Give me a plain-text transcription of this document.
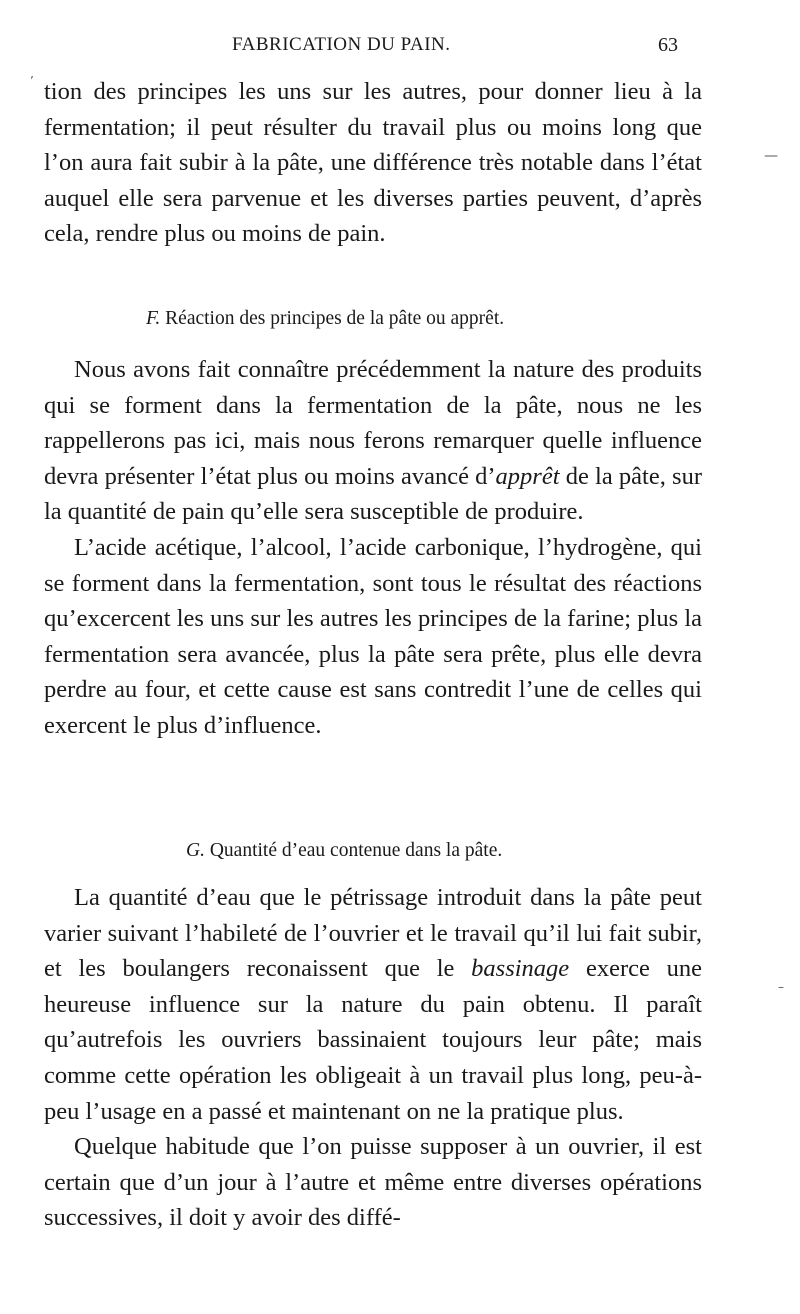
FABRICATION DU PAIN.	63

tion des principes les uns sur les autres, pour donner lieu à la fermentation; il peut résulter du travail plus ou moins long que l’on aura fait subir à la pâte, une différence très notable dans l’état auquel elle sera parvenue et les diverses parties peuvent, d’après cela, rendre plus ou moins de pain.

F. Réaction des principes de la pâte ou apprêt.

Nous avons fait connaître précédemment la nature des produits qui se forment dans la fermentation de la pâte, nous ne les rappellerons pas ici, mais nous ferons remarquer quelle influence devra présenter l’état plus ou moins avancé d’apprêt de la pâte, sur la quantité de pain qu’elle sera susceptible de produire.

L’acide acétique, l’alcool, l’acide carbonique, l’hydrogène, qui se forment dans la fermentation, sont tous le résultat des réactions qu’excercent les uns sur les autres les principes de la farine; plus la fermentation sera avancée, plus la pâte sera prête, plus elle devra perdre au four, et cette cause est sans contredit l’une de celles qui exercent le plus d’influence.

G. Quantité d’eau contenue dans la pâte.

La quantité d’eau que le pétrissage introduit dans la pâte peut varier suivant l’habileté de l’ouvrier et le travail qu’il lui fait subir, et les boulangers reconaissent que le bassinage exerce une heureuse influence sur la nature du pain obtenu. Il paraît qu’autrefois les ouvriers bassinaient toujours leur pâte; mais comme cette opération les obligeait à un travail plus long, peu-à-peu l’usage en a passé et maintenant on ne la pratique plus.

Quelque habitude que l’on puisse supposer à un ouvrier, il est certain que d’un jour à l’autre et même entre diverses opérations successives, il doit y avoir des diffé-

—
–
’
